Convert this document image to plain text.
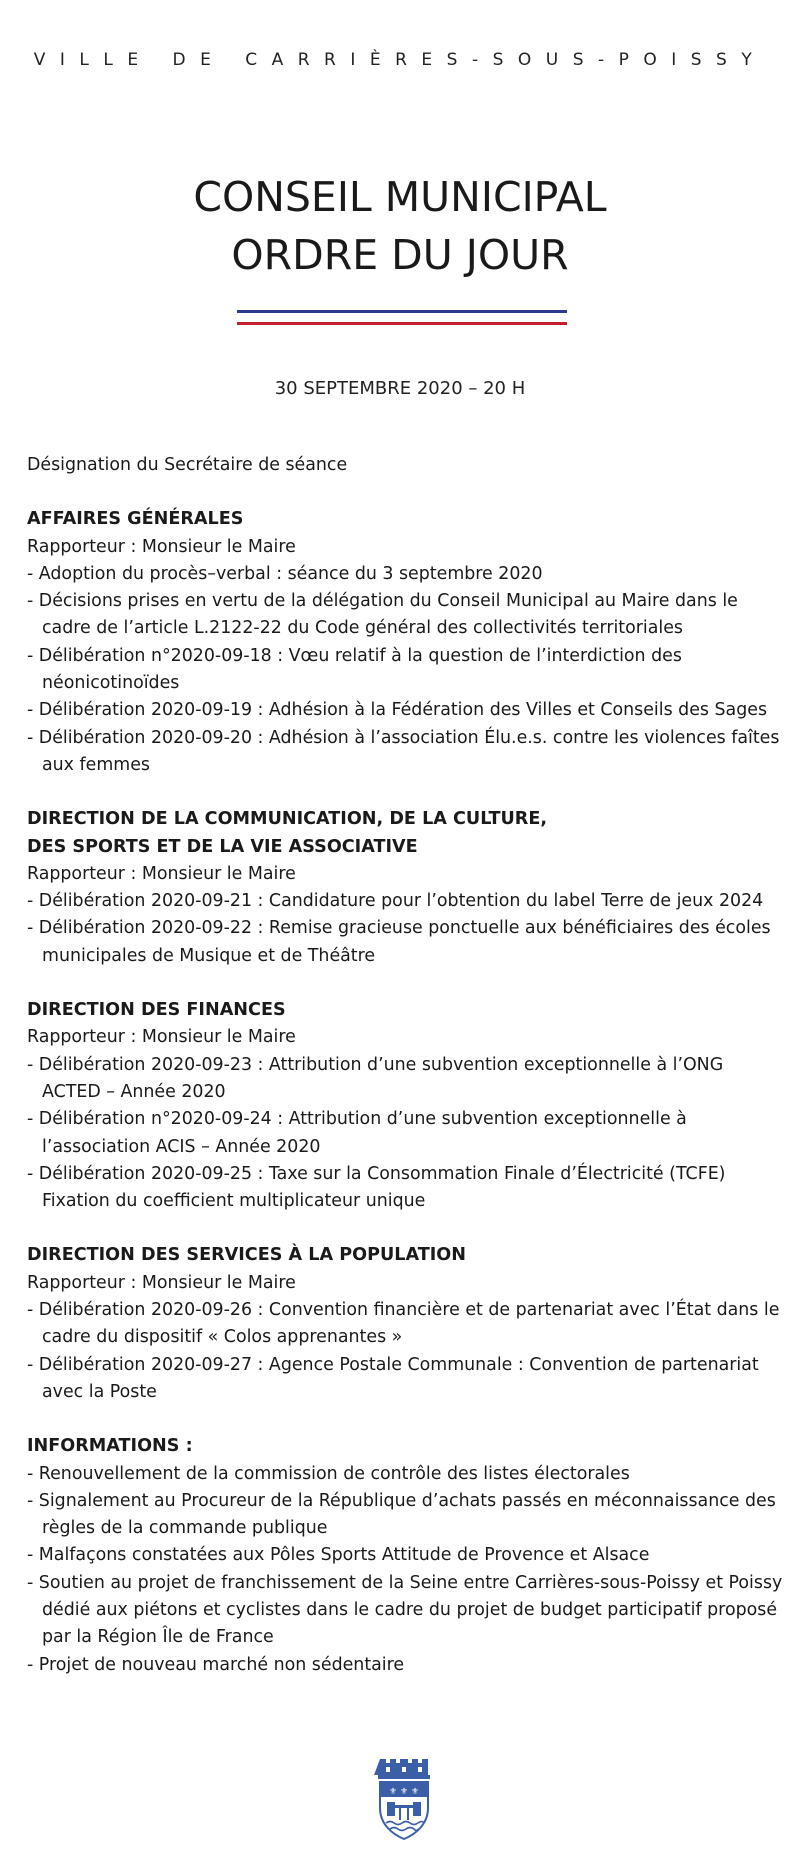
VILLE DE CARRIÈRES-SOUS-POISSY
CONSEIL MUNICIPAL
ORDRE DU JOUR
30 SEPTEMBRE 2020 – 20 H

Désignation du Secrétaire de séance

AFFAIRES GÉNÉRALES

Rapporteur : Monsieur le Maire

- Adoption du procès–verbal : séance du 3 septembre 2020

- Décisions prises en vertu de la délégation du Conseil Municipal au Maire dans le cadre de l’article L.2122-22 du Code général des collectivités territoriales

- Délibération n°2020-09-18 : Vœu relatif à la question de l’interdiction des néonicotinoïdes

- Délibération 2020-09-19 : Adhésion à la Fédération des Villes et Conseils des Sages

- Délibération 2020-09-20 : Adhésion à l’association Élu.e.s. contre les violences faîtes aux femmes

DIRECTION DE LA COMMUNICATION, DE LA CULTURE,

DES SPORTS ET DE LA VIE ASSOCIATIVE

Rapporteur : Monsieur le Maire

- Délibération 2020-09-21 : Candidature pour l’obtention du label Terre de jeux 2024

- Délibération 2020-09-22 : Remise gracieuse ponctuelle aux bénéficiaires des écoles municipales de Musique et de Théâtre

DIRECTION DES FINANCES

Rapporteur : Monsieur le Maire

- Délibération 2020-09-23 : Attribution d’une subvention exceptionnelle à l’ONG ACTED – Année 2020

- Délibération n°2020-09-24 : Attribution d’une subvention exceptionnelle à l’association ACIS – Année 2020

- Délibération 2020-09-25 : Taxe sur la Consommation Finale d’Électricité (TCFE) Fixation du coefficient multiplicateur unique

DIRECTION DES SERVICES À LA POPULATION

Rapporteur : Monsieur le Maire

- Délibération 2020-09-26 : Convention financière et de partenariat avec l’État dans le cadre du dispositif « Colos apprenantes »

- Délibération 2020-09-27 : Agence Postale Communale : Convention de partenariat avec la Poste

INFORMATIONS :

- Renouvellement de la commission de contrôle des listes électorales

- Signalement au Procureur de la République d’achats passés en méconnaissance des règles de la commande publique

- Malfaçons constatées aux Pôles Sports Attitude de Provence et Alsace

- Soutien au projet de franchissement de la Seine entre Carrières-sous-Poissy et Poissy dédié aux piétons et cyclistes dans le cadre du projet de budget participatif proposé par la Région Île de France

- Projet de nouveau marché non sédentaire

⚜ ⚜ ⚜
